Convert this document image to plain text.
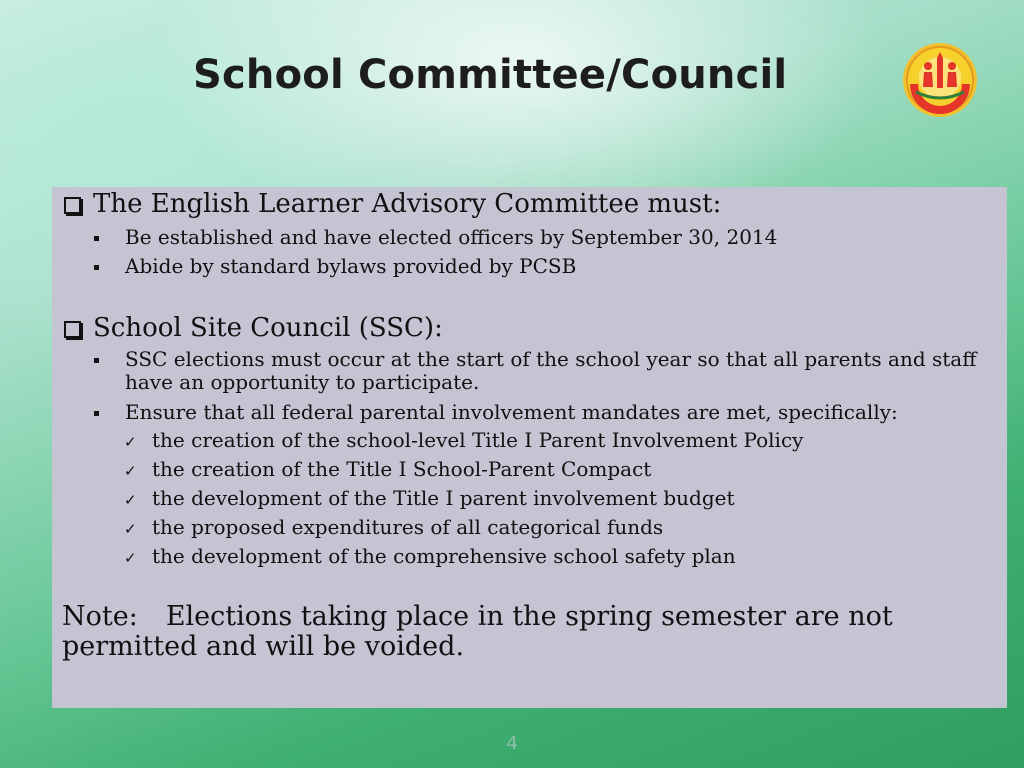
School Committee/Council
The English Learner Advisory Committee must:
Be established and have elected officers by September 30, 2014
Abide by standard bylaws provided by PCSB
School Site Council (SSC):
SSC elections must occur at the start of the school year so that all parents and staff have an opportunity to participate.
Ensure that all federal parental involvement mandates are met, specifically:
✓ the creation of the school-level Title I Parent Involvement Policy
✓ the creation of the Title I School-Parent Compact
✓ the development of the Title I parent involvement budget
✓ the proposed expenditures of all categorical funds
✓ the development of the comprehensive school safety plan
Note: Elections taking place in the spring semester are not permitted and will be voided.
4
